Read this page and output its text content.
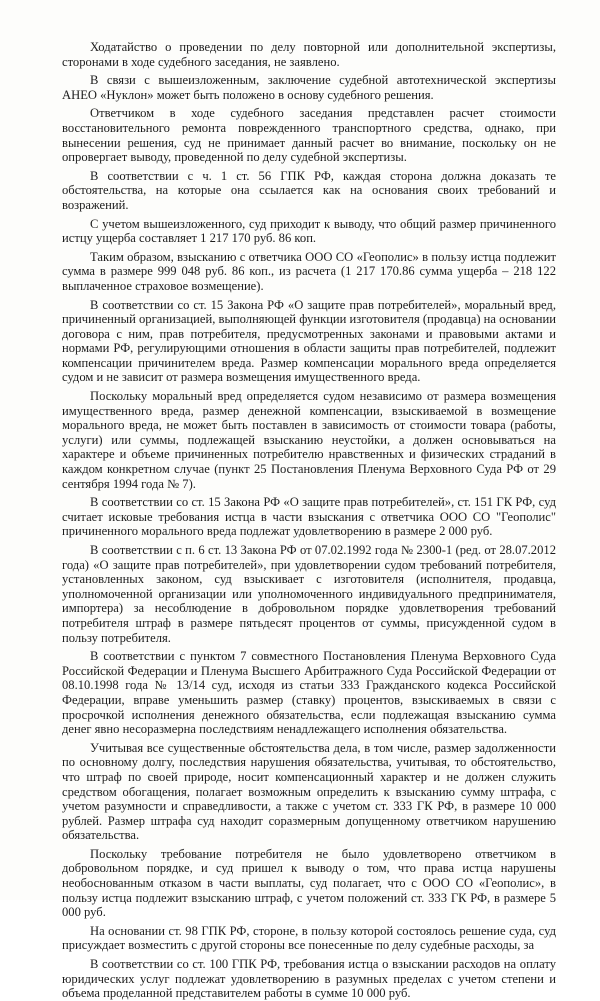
Ходатайство о проведении по делу повторной или дополнительной экспертизы, сторонами в ходе судебного заседания, не заявлено.

В связи с вышеизложенным, заключение судебной автотехнической экспертизы АНЕО «Нуклон» может быть положено в основу судебного решения.

Ответчиком в ходе судебного заседания представлен расчет стоимости восстановительного ремонта поврежденного транспортного средства, однако, при вынесении решения, суд не принимает данный расчет во внимание, поскольку он не опровергает выводу, проведенной по делу судебной экспертизы.

В соответствии с ч. 1 ст. 56 ГПК РФ, каждая сторона должна доказать те обстоятельства, на которые она ссылается как на основания своих требований и возражений.

С учетом вышеизложенного, суд приходит к выводу, что общий размер причиненного истцу ущерба составляет 1 217 170 руб. 86 коп.

Таким образом, взысканию с ответчика ООО СО «Геополис» в пользу истца подлежит сумма в размере 999 048 руб. 86 коп., из расчета (1 217 170.86 сумма ущерба – 218 122 выплаченное страховое возмещение).

В соответствии со ст. 15 Закона РФ «О защите прав потребителей», моральный вред, причиненный организацией, выполняющей функции изготовителя (продавца) на основании договора с ним, прав потребителя, предусмотренных законами и правовыми актами и нормами РФ, регулирующими отношения в области защиты прав потребителей, подлежит компенсации причинителем вреда. Размер компенсации морального вреда определяется судом и не зависит от размера возмещения имущественного вреда.

Поскольку моральный вред определяется судом независимо от размера возмещения имущественного вреда, размер денежной компенсации, взыскиваемой в возмещение морального вреда, не может быть поставлен в зависимость от стоимости товара (работы, услуги) или суммы, подлежащей взысканию неустойки, а должен основываться на характере и объеме причиненных потребителю нравственных и физических страданий в каждом конкретном случае (пункт 25 Постановления Пленума Верховного Суда РФ от 29 сентября 1994 года № 7).

В соответствии со ст. 15 Закона РФ «О защите прав потребителей», ст. 151 ГК РФ, суд считает исковые требования истца в части взыскания с ответчика ООО СО "Геополис" причиненного морального вреда подлежат удовлетворению в размере 2 000 руб.

В соответствии с п. 6 ст. 13 Закона РФ от 07.02.1992 года № 2300-1 (ред. от 28.07.2012 года) «О защите прав потребителей», при удовлетворении судом требований потребителя, установленных законом, суд взыскивает с изготовителя (исполнителя, продавца, уполномоченной организации или уполномоченного индивидуального предпринимателя, импортера) за несоблюдение в добровольном порядке удовлетворения требований потребителя штраф в размере пятьдесят процентов от суммы, присужденной судом в пользу потребителя.

В соответствии с пунктом 7 совместного Постановления Пленума Верховного Суда Российской Федерации и Пленума Высшего Арбитражного Суда Российской Федерации от 08.10.1998 года № 13/14 суд, исходя из статьи 333 Гражданского кодекса Российской Федерации, вправе уменьшить размер (ставку) процентов, взыскиваемых в связи с просрочкой исполнения денежного обязательства, если подлежащая взысканию сумма денег явно несоразмерна последствиям ненадлежащего исполнения обязательства.

Учитывая все существенные обстоятельства дела, в том числе, размер задолженности по основному долгу, последствия нарушения обязательства, учитывая, то обстоятельство, что штраф по своей природе, носит компенсационный характер и не должен служить средством обогащения, полагает возможным определить к взысканию сумму штрафа, с учетом разумности и справедливости, а также с учетом ст. 333 ГК РФ, в размере 10 000 рублей. Размер штрафа суд находит соразмерным допущенному ответчиком нарушению обязательства.

Поскольку требование потребителя не было удовлетворено ответчиком в добровольном порядке, и суд пришел к выводу о том, что права истца нарушены необоснованным отказом в части выплаты, суд полагает, что с ООО СО «Геополис», в пользу истца подлежит взысканию штраф, с учетом положений ст. 333 ГК РФ, в размере 5 000 руб.

На основании ст. 98 ГПК РФ, стороне, в пользу которой состоялось решение суда, суд присуждает возместить с другой стороны все понесенные по делу судебные расходы, за

В соответствии со ст. 100 ГПК РФ, требования истца о взыскании расходов на оплату юридических услуг подлежат удовлетворению в разумных пределах с учетом степени и объема проделанной представителем работы в сумме 10 000 руб.
